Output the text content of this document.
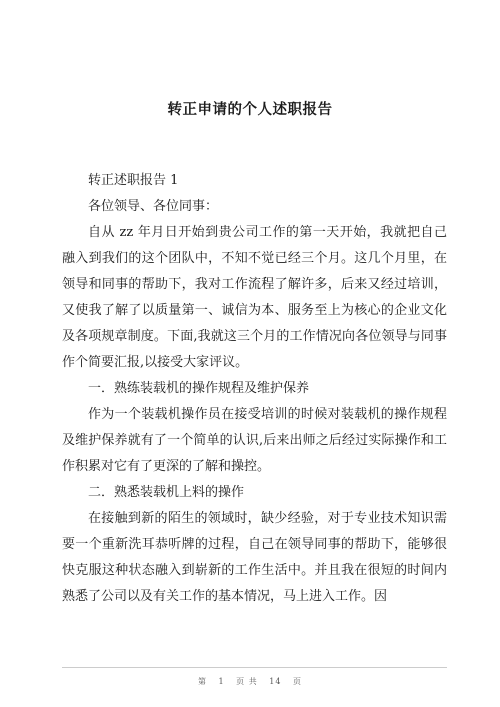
转正申请的个人述职报告

转正述职报告 1

各位领导、各位同事：

自从 zz 年月日开始到贵公司工作的第一天开始，我就把自己融入到我们的这个团队中，不知不觉已经三个月。这几个月里，在领导和同事的帮助下，我对工作流程了解许多，后来又经过培训，又使我了解了以质量第一、诚信为本、服务至上为核心的企业文化及各项规章制度。下面,我就这三个月的工作情况向各位领导与同事作个简要汇报,以接受大家评议。

一．熟练装载机的操作规程及维护保养

作为一个装载机操作员在接受培训的时候对装载机的操作规程及维护保养就有了一个简单的认识,后来出师之后经过实际操作和工作积累对它有了更深的了解和操控。

二．熟悉装载机上料的操作

在接触到新的陌生的领域时，缺少经验，对于专业技术知识需要一个重新洗耳恭听牌的过程，自己在领导同事的帮助下，能够很快克服这种状态融入到崭新的工作生活中。并且我在很短的时间内熟悉了公司以及有关工作的基本情况，马上进入工作。因

第 1 页 共 14 页
